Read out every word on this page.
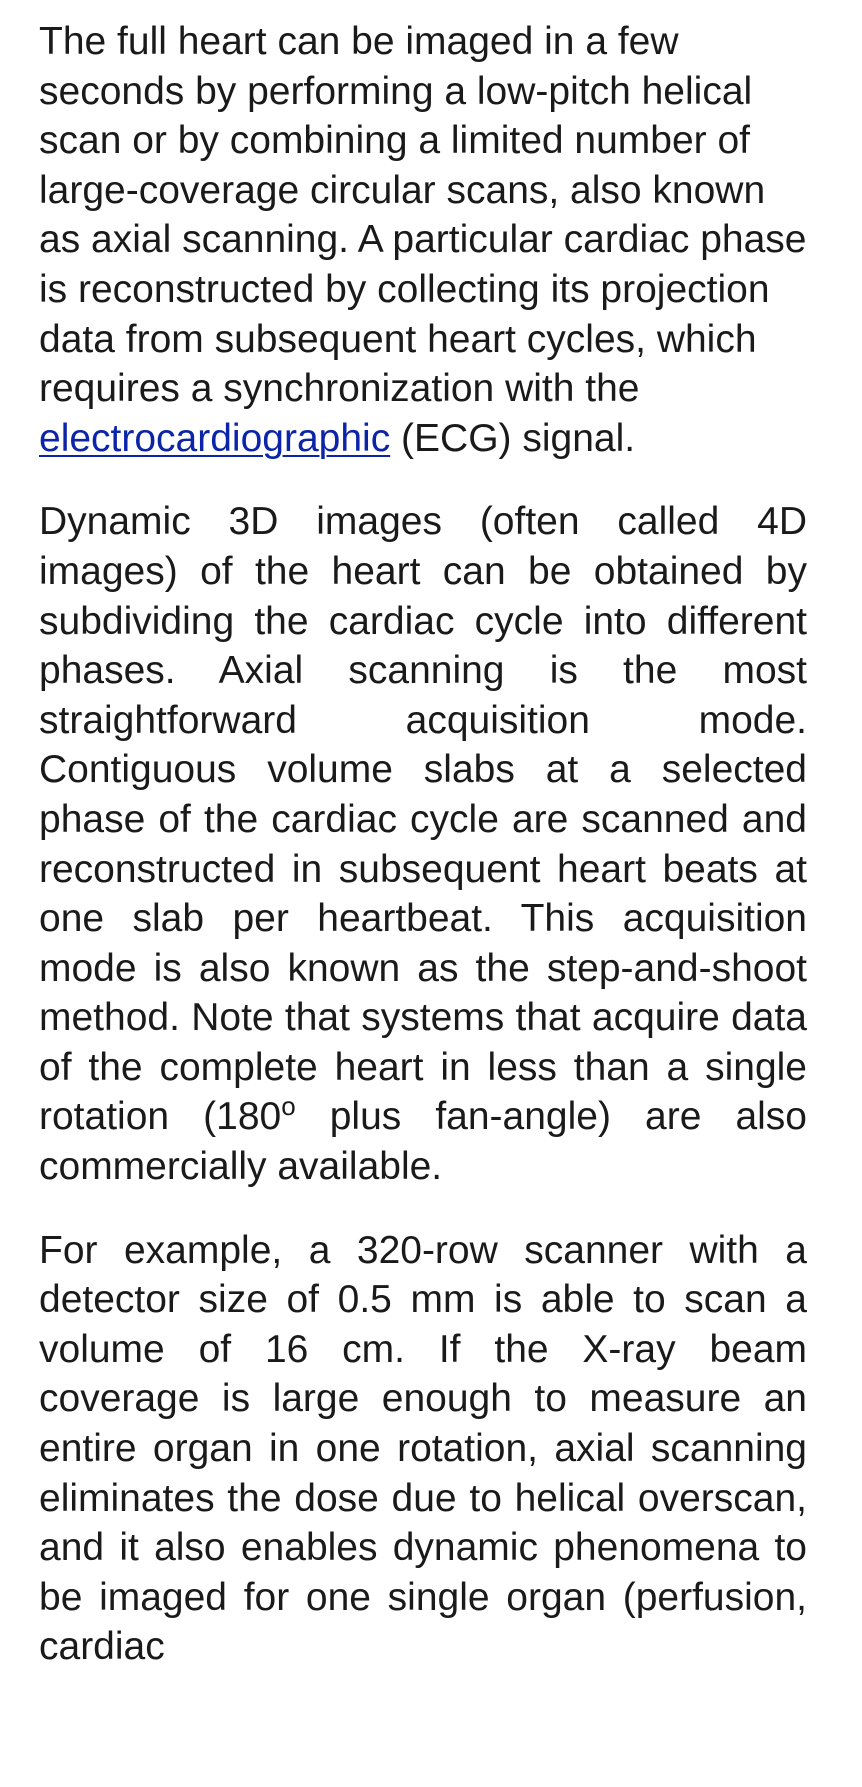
The full heart can be imaged in a few seconds by performing a low-pitch helical scan or by combining a limited number of large-coverage circular scans, also known as axial scanning. A particular cardiac phase is reconstructed by collecting its projection data from subsequent heart cycles, which requires a synchronization with the electrocardiographic (ECG) signal.

Dynamic 3D images (often called 4D images) of the heart can be obtained by subdividing the cardiac cycle into different phases. Axial scanning is the most straightforward acquisition mode. Contiguous volume slabs at a selected phase of the cardiac cycle are scanned and reconstructed in subsequent heart beats at one slab per heartbeat. This acquisition mode is also known as the step-and-shoot method. Note that systems that acquire data of the complete heart in less than a single rotation (180$^o$ plus fan-angle) are also commercially available.

For example, a 320-row scanner with a detector size of 0.5 mm is able to scan a volume of 16 cm. If the X-ray beam coverage is large enough to measure an entire organ in one rotation, axial scanning eliminates the dose due to helical overscan, and it also enables dynamic phenomena to be imaged for one single organ (perfusion, cardiac
